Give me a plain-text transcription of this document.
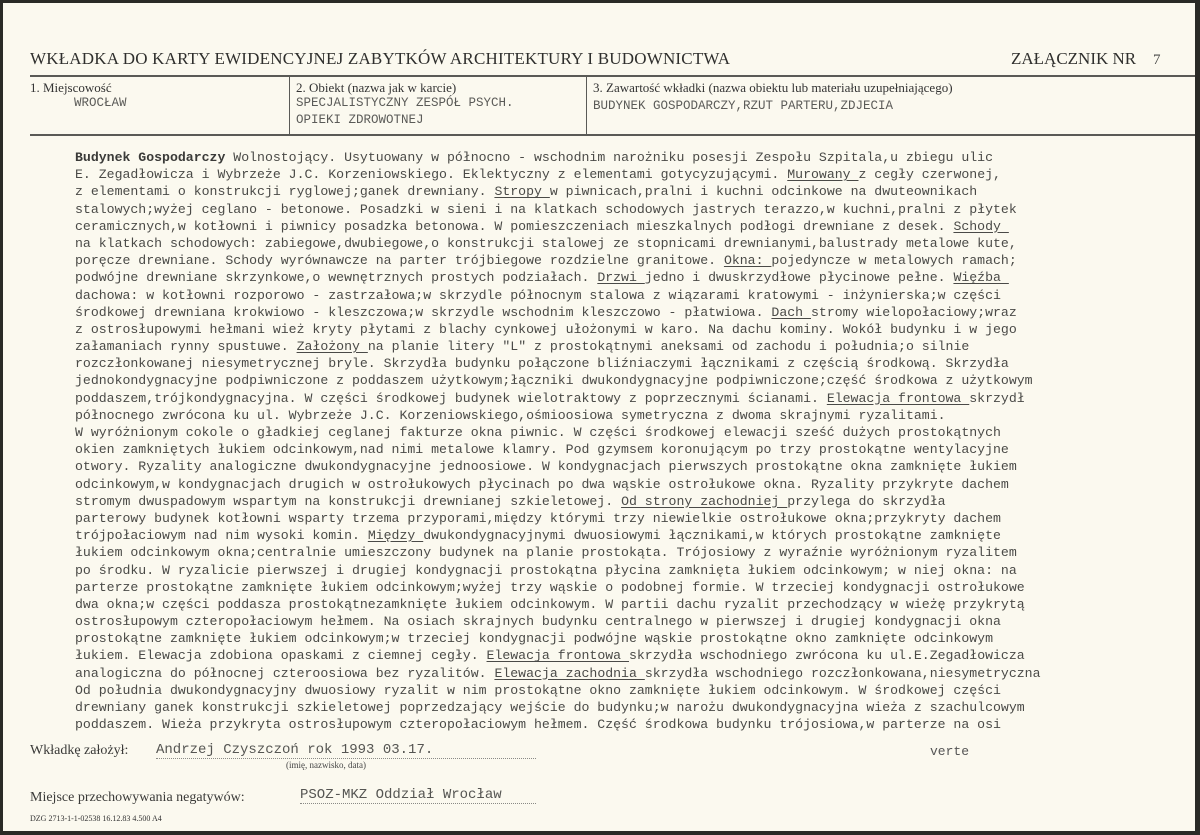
WKŁADKA DO KARTY EWIDENCYJNEJ ZABYTKÓW ARCHITEKTURY I BUDOWNICTWA	ZAŁĄCZNIK NR 7
1. Miejscowość
WROCŁAW
2. Obiekt (nazwa jak w karcie)
SPECJALISTYCZNY ZESPÓŁ PSYCH.
OPIEKI ZDROWOTNEJ
3. Zawartość wkładki (nazwa obiektu lub materiału uzupełniającego)
BUDYNEK GOSPODARCZY,RZUT PARTERU,ZDJECIA
Budynek Gospodarczy Wolnostojący. Usytuowany w północno - wschodnim narożniku posesji Zespołu Szpitala,u zbiegu ulic
E. Zegadłowicza i Wybrzeże J.C. Korzeniowskiego. Eklektyczny z elementami gotycyzującymi. Murowany z cegły czerwonej,
z elementami o konstrukcji ryglowej;ganek drewniany. Stropy w piwnicach,pralni i kuchni odcinkowe na dwuteownikach
stalowych;wyżej ceglano - betonowe. Posadzki w sieni i na klatkach schodowych jastrych terazzo,w kuchni,pralni z płytek
ceramicznych,w kotłowni i piwnicy posadzka betonowa. W pomieszczeniach mieszkalnych podłogi drewniane z desek. Schody
na klatkach schodowych: zabiegowe,dwubiegowe,o konstrukcji stalowej ze stopnicami drewnianymi,balustrady metalowe kute,
poręcze drewniane. Schody wyrównawcze na parter trójbiegowe rozdzielne granitowe. Okna: pojedyncze w metalowych ramach;
podwójne drewniane skrzynkowe,o wewnętrznych prostych podziałach. Drzwi jedno i dwuskrzydłowe płycinowe pełne. Więźba
dachowa: w kotłowni rozporowo - zastrzałowa;w skrzydle północnym stalowa z wiązarami kratowymi - inżynierska;w części
środkowej drewniana krokwiowo - kleszczowa;w skrzydle wschodnim kleszczowo - płatwiowa. Dach stromy wielopołaciowy;wraz
z ostrosłupowymi hełmani wież kryty płytami z blachy cynkowej ułożonymi w karo. Na dachu kominy. Wokół budynku i w jego
załamaniach rynny spustuwe. Założony na planie litery "L" z prostokątnymi aneksami od zachodu i południa;o silnie
rozczłonkowanej niesymetrycznej bryle. Skrzydła budynku połączone bliźniaczymi łącznikami z częścią środkową. Skrzydła
jednokondygnacyjne podpiwniczone z poddaszem użytkowym;łączniki dwukondygnacyjne podpiwniczone;część środkowa z użytkowym
poddaszem,trójkondygnacyjna. W części środkowej budynek wielotraktowy z poprzecznymi ścianami. Elewacja frontowa skrzydł
północnego zwrócona ku ul. Wybrzeże J.C. Korzeniowskiego,ośmioosiowa symetryczna z dwoma skrajnymi ryzalitami.
W wyróżnionym cokole o gładkiej ceglanej fakturze okna piwnic. W części środkowej elewacji sześć dużych prostokątnych
okien zamkniętych łukiem odcinkowym,nad nimi metalowe klamry. Pod gzymsem koronującym po trzy prostokątne wentylacyjne
otwory. Ryzality analogiczne dwukondygnacyjne jednoosiowe. W kondygnacjach pierwszych prostokątne okna zamknięte łukiem
odcinkowym,w kondygnacjach drugich w ostrołukowych płycinach po dwa wąskie ostrołukowe okna. Ryzality przykryte dachem
stromym dwuspadowym wspartym na konstrukcji drewnianej szkieletowej. Od strony zachodniej przylega do skrzydła
parterowy budynek kotłowni wsparty trzema przyporami,między którymi trzy niewielkie ostrołukowe okna;przykryty dachem
trójpołaciowym nad nim wysoki komin. Między dwukondygnacyjnymi dwuosiowymi łącznikami,w których prostokątne zamknięte
łukiem odcinkowym okna;centralnie umieszczony budynek na planie prostokąta. Trójosiowy z wyraźnie wyróżnionym ryzalitem
po środku. W ryzalicie pierwszej i drugiej kondygnacji prostokątna płycina zamknięta łukiem odcinkowym; w niej okna: na
parterze prostokątne zamknięte łukiem odcinkowym;wyżej trzy wąskie o podobnej formie. W trzeciej kondygnacji ostrołukowe
dwa okna;w części poddasza prostokątnezamknięte łukiem odcinkowym. W partii dachu ryzalit przechodzący w wieżę przykrytą
ostrosłupowym czteropołaciowym hełmem. Na osiach skrajnych budynku centralnego w pierwszej i drugiej kondygnacji okna
prostokątne zamknięte łukiem odcinkowym;w trzeciej kondygnacji podwójne wąskie prostokątne okno zamknięte odcinkowym
łukiem. Elewacja zdobiona opaskami z ciemnej cegły. Elewacja frontowa skrzydła wschodniego zwrócona ku ul.E.Zegadłowicza
analogiczna do północnej czteroosiowa bez ryzalitów. Elewacja zachodnia skrzydła wschodniego rozczłonkowana,niesymetryczna
Od południa dwukondygnacyjny dwuosiowy ryzalit w nim prostokątne okno zamknięte łukiem odcinkowym. W środkowej części
drewniany ganek konstrukcji szkieletowej poprzedzający wejście do budynku;w narożu dwukondygnacyjna wieża z szachulcowym
poddaszem. Wieża przykryta ostrosłupowym czteropołaciowym hełmem. Część środkowa budynku trójosiowa,w parterze na osi
Wkładkę założył: Andrzej Czyszczoń rok 1993 03.17.
(imię, nazwisko, data)
verte
Miejsce przechowywania negatywów:	PSOZ-MKZ Oddział Wrocław
DZG 2713-1-1-02538 16.12.83 4.500 A4
